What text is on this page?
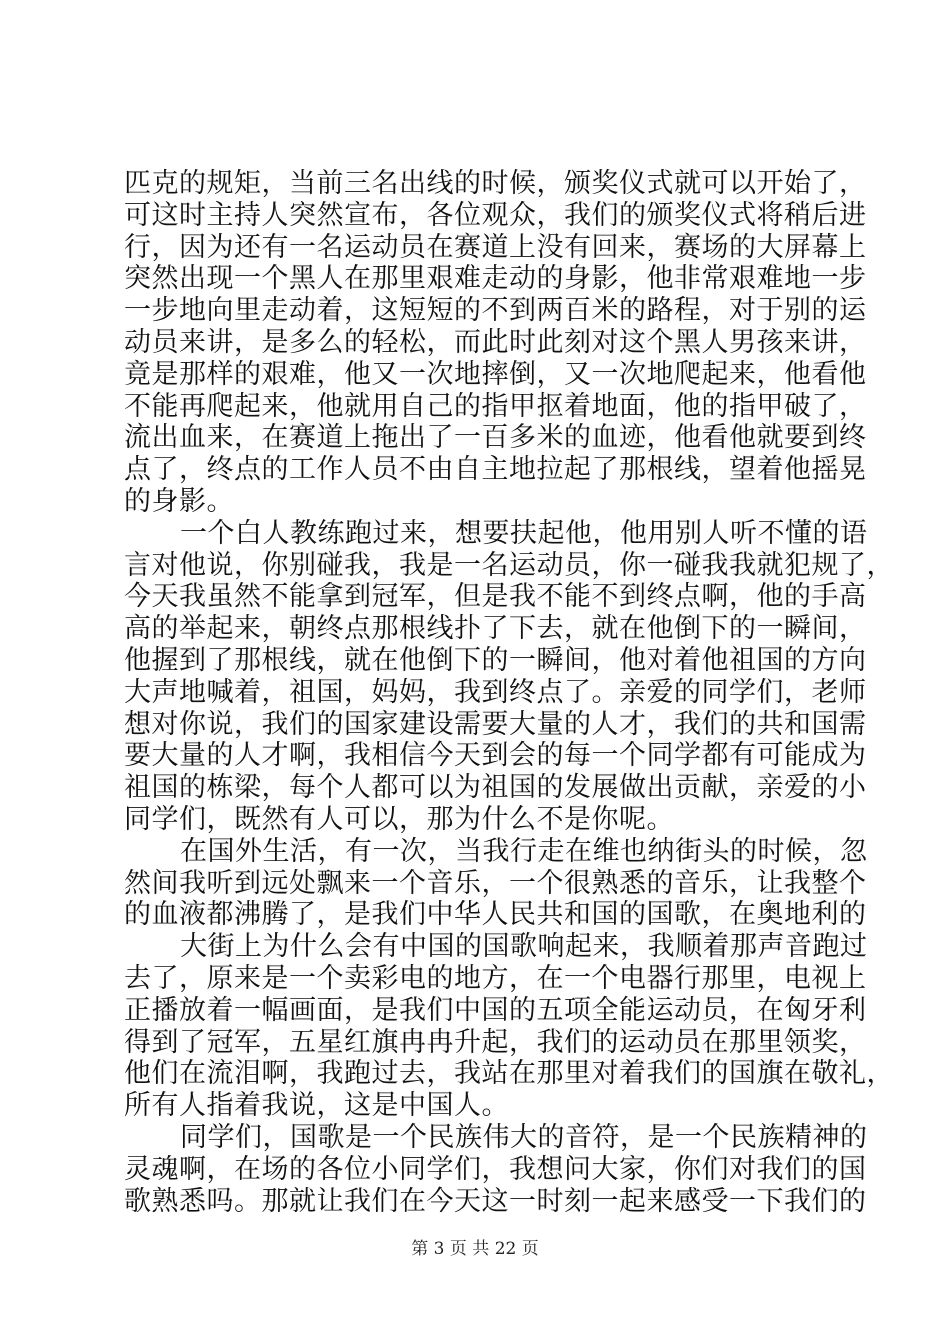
匹克的规矩，当前三名出线的时候，颁奖仪式就可以开始了，
可这时主持人突然宣布，各位观众，我们的颁奖仪式将稍后进
行，因为还有一名运动员在赛道上没有回来，赛场的大屏幕上
突然出现一个黑人在那里艰难走动的身影，他非常艰难地一步
一步地向里走动着，这短短的不到两百米的路程，对于别的运
动员来讲，是多么的轻松，而此时此刻对这个黑人男孩来讲，
竟是那样的艰难，他又一次地摔倒，又一次地爬起来，他看他
不能再爬起来，他就用自己的指甲抠着地面，他的指甲破了，
流出血来，在赛道上拖出了一百多米的血迹，他看他就要到终
点了，终点的工作人员不由自主地拉起了那根线，望着他摇晃
的身影。
一个白人教练跑过来，想要扶起他，他用别人听不懂的语
言对他说，你别碰我，我是一名运动员，你一碰我我就犯规了，
今天我虽然不能拿到冠军，但是我不能不到终点啊，他的手高
高的举起来，朝终点那根线扑了下去，就在他倒下的一瞬间，
他握到了那根线，就在他倒下的一瞬间，他对着他祖国的方向
大声地喊着，祖国，妈妈，我到终点了。亲爱的同学们，老师
想对你说，我们的国家建设需要大量的人才，我们的共和国需
要大量的人才啊，我相信今天到会的每一个同学都有可能成为
祖国的栋梁，每个人都可以为祖国的发展做出贡献，亲爱的小
同学们，既然有人可以，那为什么不是你呢。
在国外生活，有一次，当我行走在维也纳街头的时候，忽
然间我听到远处飘来一个音乐，一个很熟悉的音乐，让我整个
的血液都沸腾了，是我们中华人民共和国的国歌，在奥地利的
大街上为什么会有中国的国歌响起来，我顺着那声音跑过
去了，原来是一个卖彩电的地方，在一个电器行那里，电视上
正播放着一幅画面，是我们中国的五项全能运动员，在匈牙利
得到了冠军，五星红旗冉冉升起，我们的运动员在那里领奖，
他们在流泪啊，我跑过去，我站在那里对着我们的国旗在敬礼，
所有人指着我说，这是中国人。
同学们，国歌是一个民族伟大的音符，是一个民族精神的
灵魂啊，在场的各位小同学们，我想问大家，你们对我们的国
歌熟悉吗。那就让我们在今天这一时刻一起来感受一下我们的
第 3 页 共 22 页
